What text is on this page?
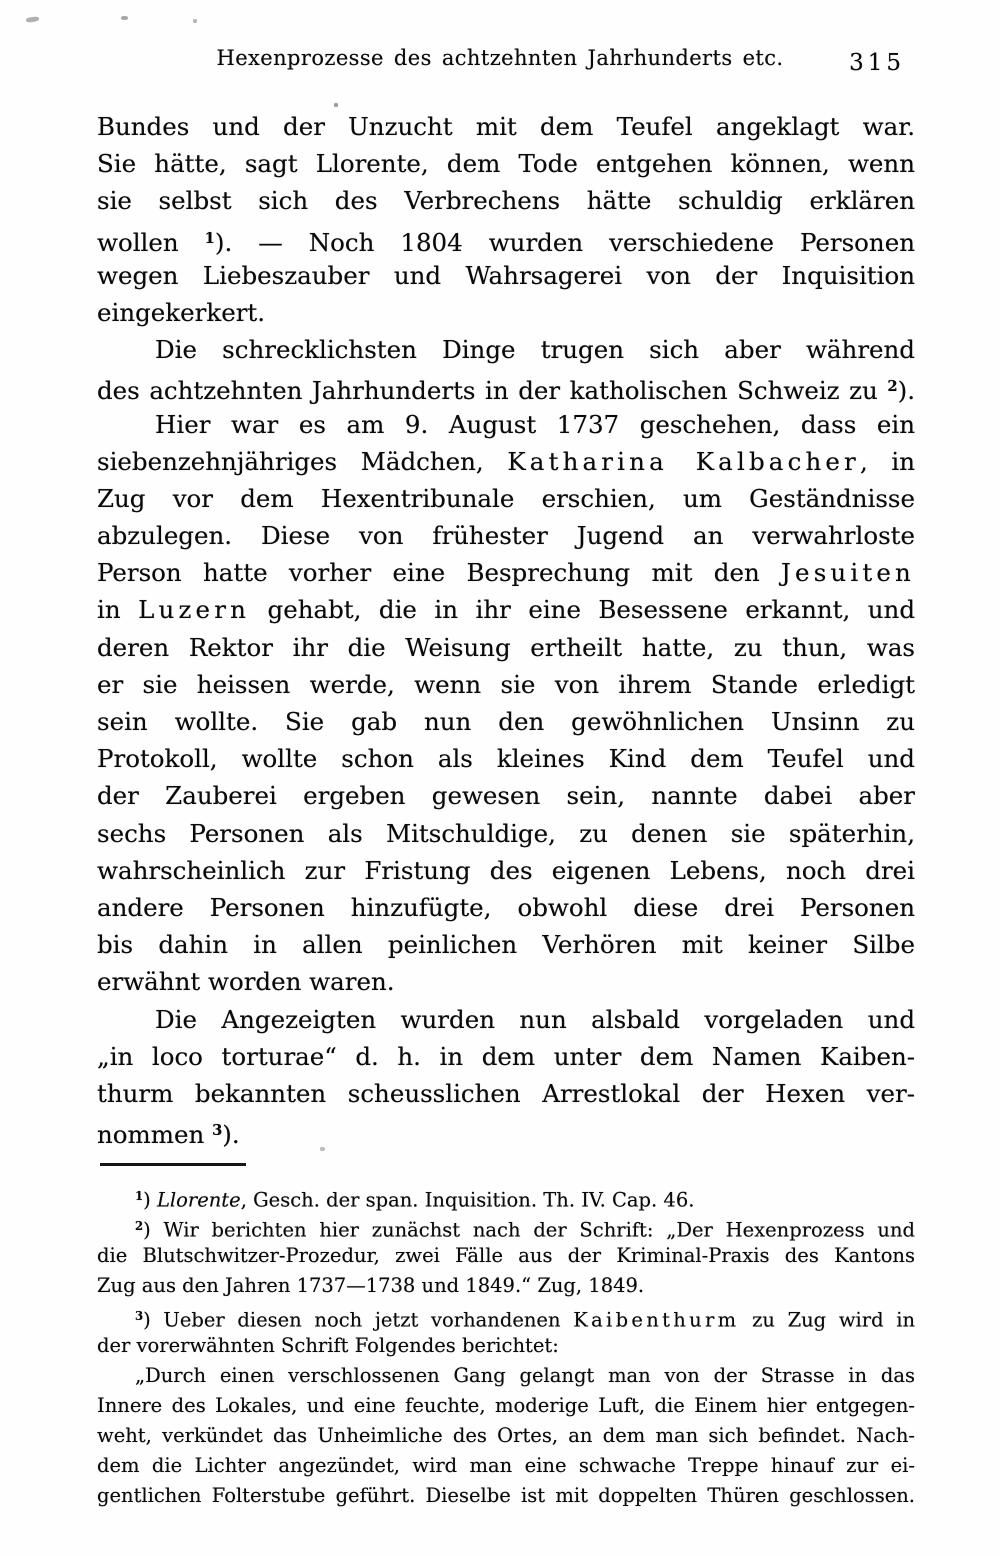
Hexenprozesse des achtzehnten Jahrhunderts etc.	315
Bundes und der Unzucht mit dem Teufel angeklagt war.
Sie hätte, sagt Llorente, dem Tode entgehen können, wenn
sie selbst sich des Verbrechens hätte schuldig erklären
wollen $^1$). — Noch 1804 wurden verschiedene Personen
wegen Liebeszauber und Wahrsagerei von der Inquisition
eingekerkert.
Die schrecklichsten Dinge trugen sich aber während
des achtzehnten Jahrhunderts in der katholischen Schweiz zu $^2$).
Hier war es am 9. August 1737 geschehen, dass ein
siebenzehnjähriges Mädchen, Katharina Kalbacher, in
Zug vor dem Hexentribunale erschien, um Geständnisse
abzulegen. Diese von frühester Jugend an verwahrloste
Person hatte vorher eine Besprechung mit den Jesuiten
in Luzern gehabt, die in ihr eine Besessene erkannt, und
deren Rektor ihr die Weisung ertheilt hatte, zu thun, was
er sie heissen werde, wenn sie von ihrem Stande erledigt
sein wollte. Sie gab nun den gewöhnlichen Unsinn zu
Protokoll, wollte schon als kleines Kind dem Teufel und
der Zauberei ergeben gewesen sein, nannte dabei aber
sechs Personen als Mitschuldige, zu denen sie späterhin,
wahrscheinlich zur Fristung des eigenen Lebens, noch drei
andere Personen hinzufügte, obwohl diese drei Personen
bis dahin in allen peinlichen Verhören mit keiner Silbe
erwähnt worden waren.
Die Angezeigten wurden nun alsbald vorgeladen und
„in loco torturae“ d. h. in dem unter dem Namen Kaiben-
thurm bekannten scheusslichen Arrestlokal der Hexen ver-
nommen $^3$).
$^1$) Llorente, Gesch. der span. Inquisition. Th. IV. Cap. 46.
$^2$) Wir berichten hier zunächst nach der Schrift: „Der Hexenprozess und
die Blutschwitzer-Prozedur, zwei Fälle aus der Kriminal-Praxis des Kantons
Zug aus den Jahren 1737—1738 und 1849.“ Zug, 1849.
$^3$) Ueber diesen noch jetzt vorhandenen Kaibenthurm zu Zug wird in
der vorerwähnten Schrift Folgendes berichtet:
„Durch einen verschlossenen Gang gelangt man von der Strasse in das
Innere des Lokales, und eine feuchte, moderige Luft, die Einem hier entgegen-
weht, verkündet das Unheimliche des Ortes, an dem man sich befindet. Nach-
dem die Lichter angezündet, wird man eine schwache Treppe hinauf zur ei-
gentlichen Folterstube geführt. Dieselbe ist mit doppelten Thüren geschlossen.
